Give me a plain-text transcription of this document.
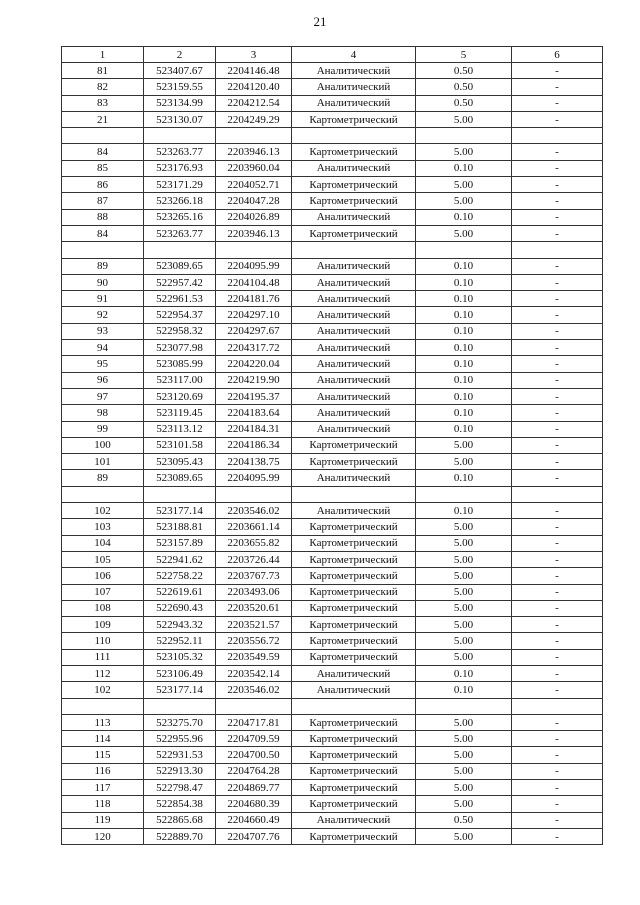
21
1	2	3	4	5	6
81	523407.67	2204146.48	Аналитический	0.50	-
82	523159.55	2204120.40	Аналитический	0.50	-
83	523134.99	2204212.54	Аналитический	0.50	-
21	523130.07	2204249.29	Картометрический	5.00	-

84	523263.77	2203946.13	Картометрический	5.00	-
85	523176.93	2203960.04	Аналитический	0.10	-
86	523171.29	2204052.71	Картометрический	5.00	-
87	523266.18	2204047.28	Картометрический	5.00	-
88	523265.16	2204026.89	Аналитический	0.10	-
84	523263.77	2203946.13	Картометрический	5.00	-

89	523089.65	2204095.99	Аналитический	0.10	-
90	522957.42	2204104.48	Аналитический	0.10	-
91	522961.53	2204181.76	Аналитический	0.10	-
92	522954.37	2204297.10	Аналитический	0.10	-
93	522958.32	2204297.67	Аналитический	0.10	-
94	523077.98	2204317.72	Аналитический	0.10	-
95	523085.99	2204220.04	Аналитический	0.10	-
96	523117.00	2204219.90	Аналитический	0.10	-
97	523120.69	2204195.37	Аналитический	0.10	-
98	523119.45	2204183.64	Аналитический	0.10	-
99	523113.12	2204184.31	Аналитический	0.10	-
100	523101.58	2204186.34	Картометрический	5.00	-
101	523095.43	2204138.75	Картометрический	5.00	-
89	523089.65	2204095.99	Аналитический	0.10	-

102	523177.14	2203546.02	Аналитический	0.10	-
103	523188.81	2203661.14	Картометрический	5.00	-
104	523157.89	2203655.82	Картометрический	5.00	-
105	522941.62	2203726.44	Картометрический	5.00	-
106	522758.22	2203767.73	Картометрический	5.00	-
107	522619.61	2203493.06	Картометрический	5.00	-
108	522690.43	2203520.61	Картометрический	5.00	-
109	522943.32	2203521.57	Картометрический	5.00	-
110	522952.11	2203556.72	Картометрический	5.00	-
111	523105.32	2203549.59	Картометрический	5.00	-
112	523106.49	2203542.14	Аналитический	0.10	-
102	523177.14	2203546.02	Аналитический	0.10	-

113	523275.70	2204717.81	Картометрический	5.00	-
114	522955.96	2204709.59	Картометрический	5.00	-
115	522931.53	2204700.50	Картометрический	5.00	-
116	522913.30	2204764.28	Картометрический	5.00	-
117	522798.47	2204869.77	Картометрический	5.00	-
118	522854.38	2204680.39	Картометрический	5.00	-
119	522865.68	2204660.49	Аналитический	0.50	-
120	522889.70	2204707.76	Картометрический	5.00	-
